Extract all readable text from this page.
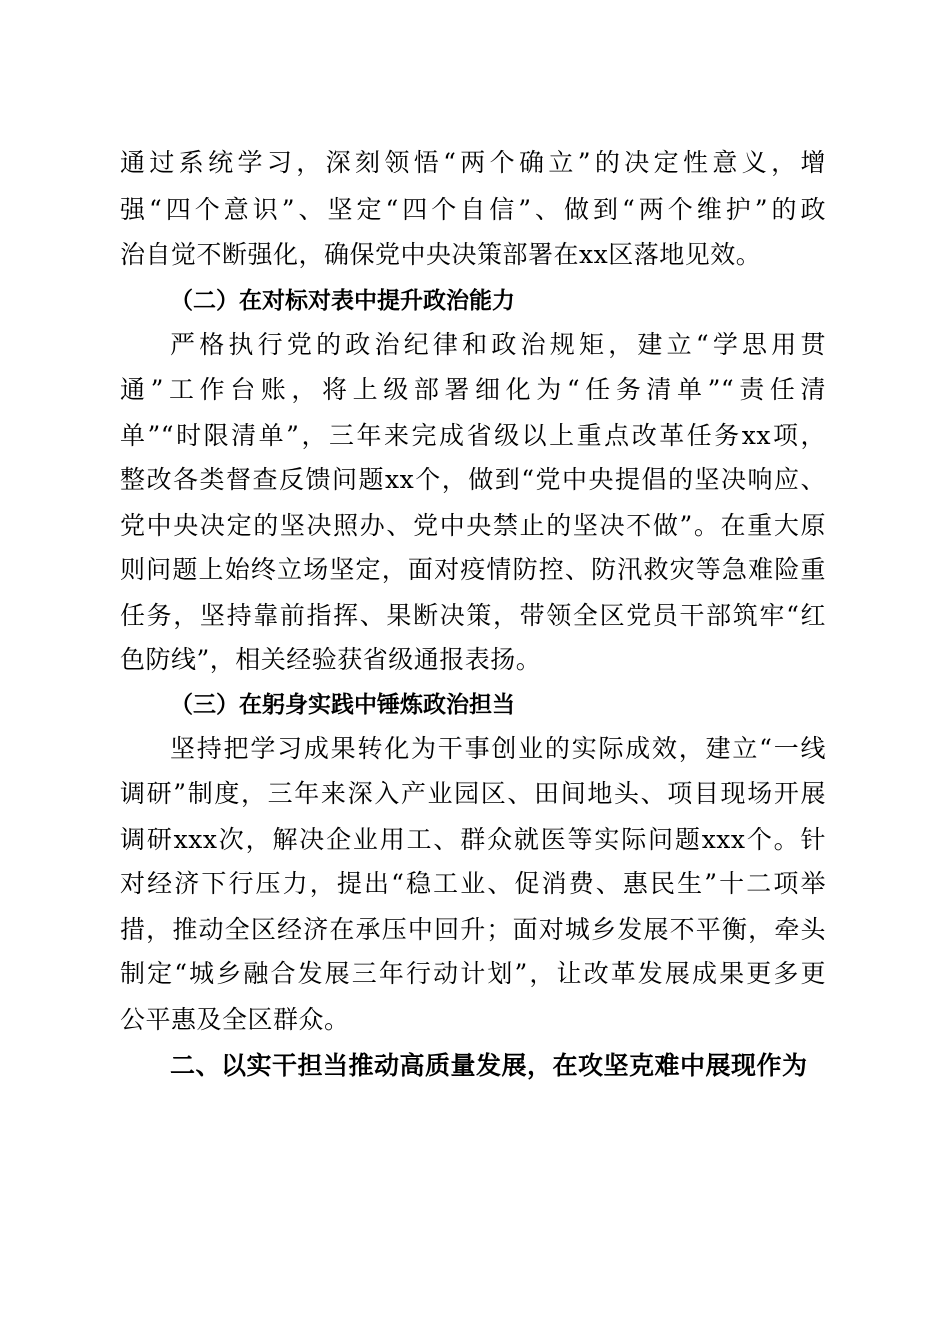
通过系统学习，深刻领悟“两个确立”的决定性意义，增
强“四个意识”、坚定“四个自信”、做到“两个维护”的政
治自觉不断强化，确保党中央决策部署在xx区落地见效。
（二）在对标对表中提升政治能力
严格执行党的政治纪律和政治规矩，建立“学思用贯
通”工作台账，将上级部署细化为“任务清单”“责任清
单”“时限清单”，三年来完成省级以上重点改革任务xx项，
整改各类督查反馈问题xx个，做到“党中央提倡的坚决响应、
党中央决定的坚决照办、党中央禁止的坚决不做”。在重大原
则问题上始终立场坚定，面对疫情防控、防汛救灾等急难险重
任务，坚持靠前指挥、果断决策，带领全区党员干部筑牢“红
色防线”，相关经验获省级通报表扬。
（三）在躬身实践中锤炼政治担当
坚持把学习成果转化为干事创业的实际成效，建立“一线
调研”制度，三年来深入产业园区、田间地头、项目现场开展
调研xxx次，解决企业用工、群众就医等实际问题xxx个。针
对经济下行压力，提出“稳工业、促消费、惠民生”十二项举
措，推动全区经济在承压中回升；面对城乡发展不平衡，牵头
制定“城乡融合发展三年行动计划”，让改革发展成果更多更
公平惠及全区群众。
二、以实干担当推动高质量发展，在攻坚克难中展现作为
